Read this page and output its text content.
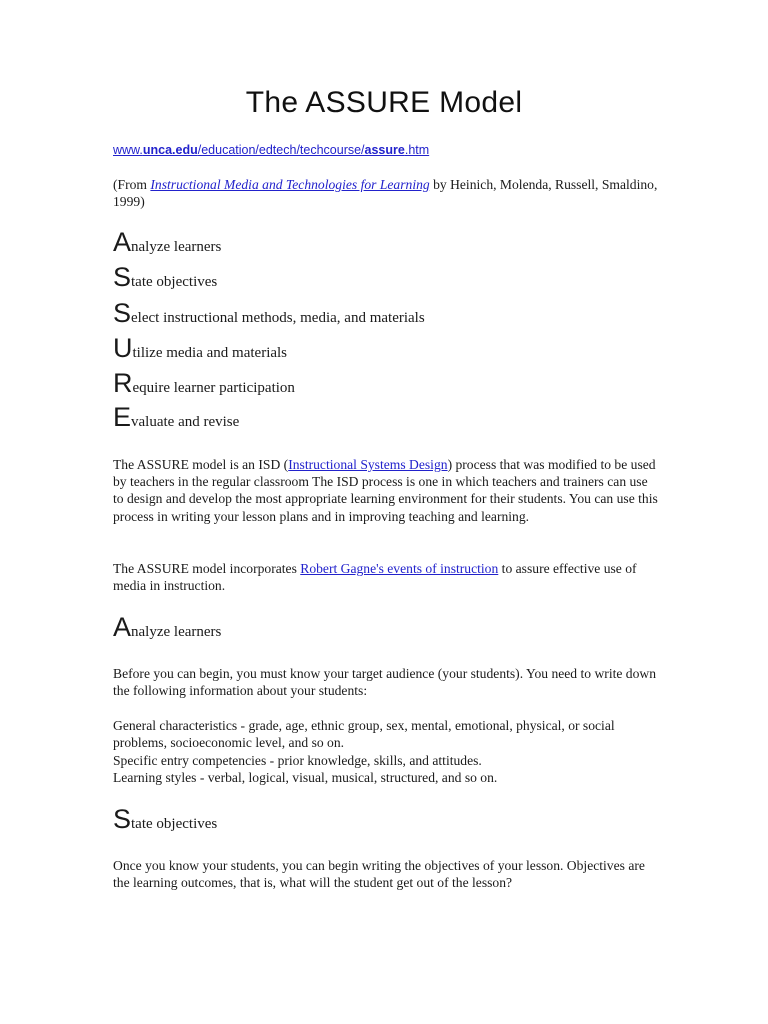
The ASSURE Model
www.unca.edu/education/edtech/techcourse/assure.htm

(From Instructional Media and Technologies for Learning by Heinich, Molenda, Russell, Smaldino, 1999)

Analyze learners
State objectives
Select instructional methods, media, and materials
Utilize media and materials
Require learner participation
Evaluate and revise

The ASSURE model is an ISD (Instructional Systems Design) process that was modified to be used by teachers in the regular classroom The ISD process is one in which teachers and trainers can use to design and develop the most appropriate learning environment for their students. You can use this process in writing your lesson plans and in improving teaching and learning.

The ASSURE model incorporates Robert Gagne's events of instruction to assure effective use of media in instruction.

Analyze learners

Before you can begin, you must know your target audience (your students). You need to write down the following information about your students:

General characteristics - grade, age, ethnic group, sex, mental, emotional, physical, or social problems, socioeconomic level, and so on.

Specific entry competencies - prior knowledge, skills, and attitudes.

Learning styles - verbal, logical, visual, musical, structured, and so on.

State objectives

Once you know your students, you can begin writing the objectives of your lesson. Objectives are the learning outcomes, that is, what will the student get out of the lesson?
